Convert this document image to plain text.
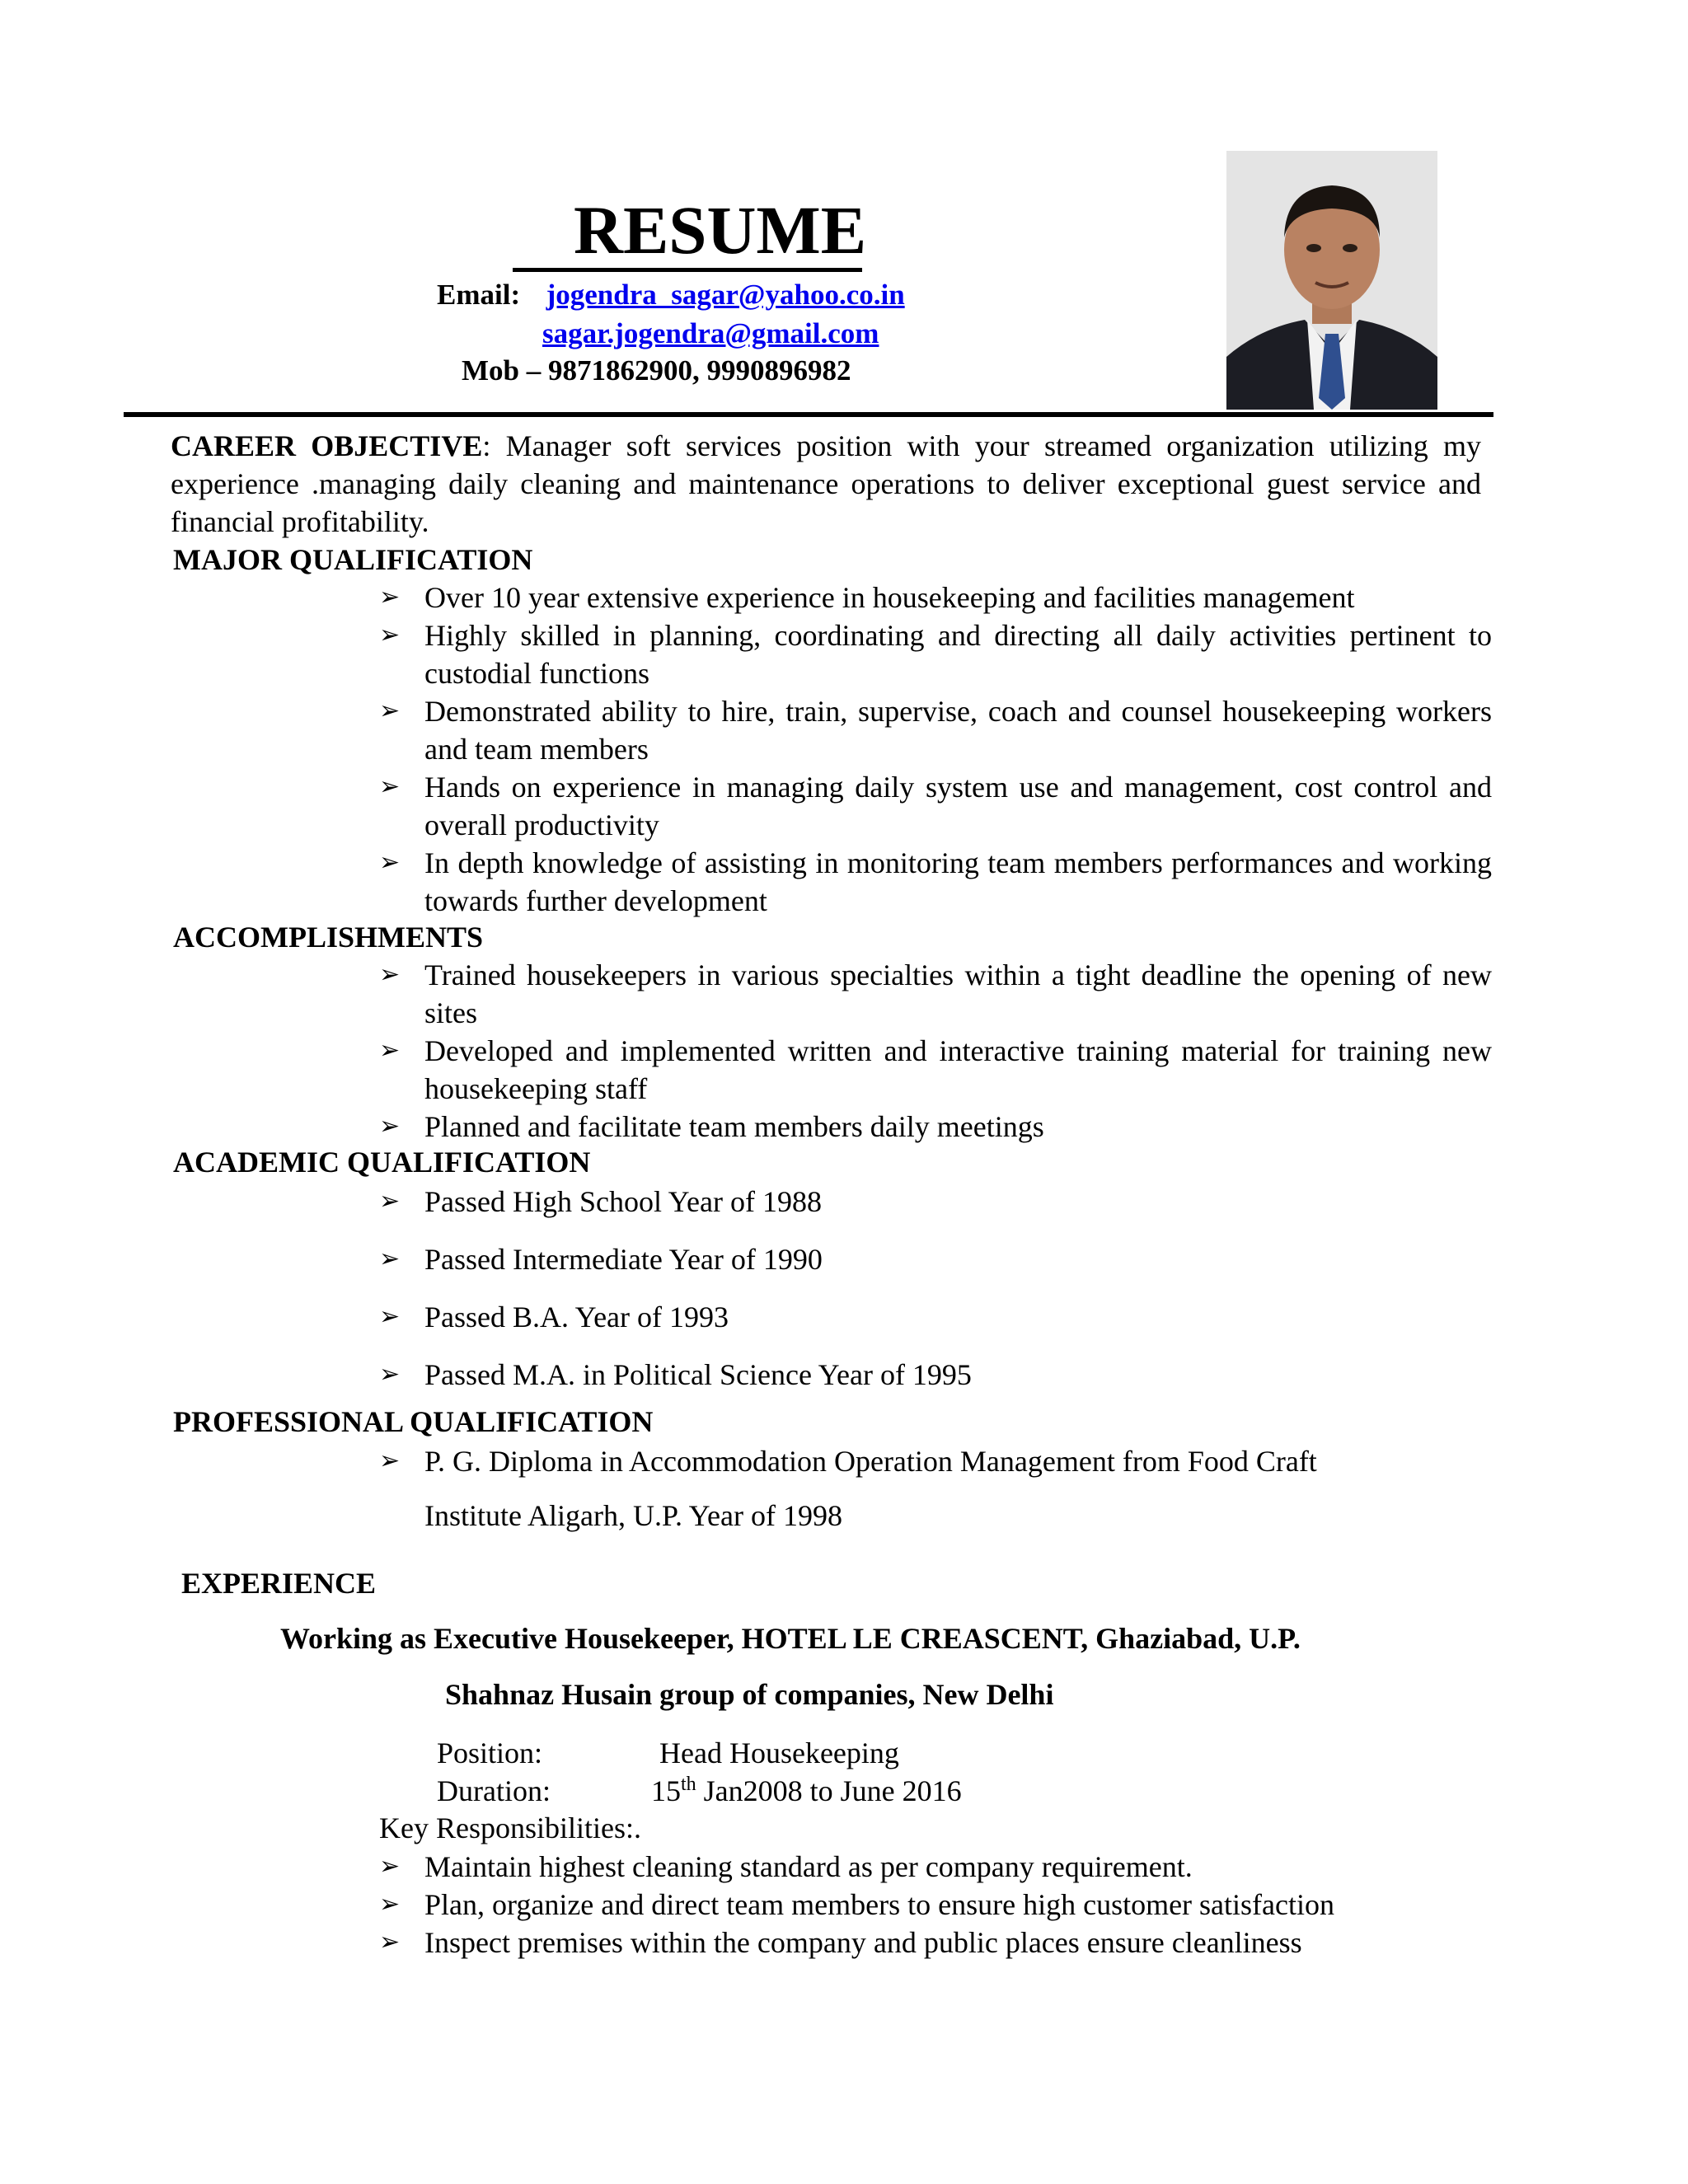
RESUME
Email: jogendra_sagar@yahoo.co.in
sagar.jogendra@gmail.com
Mob – 9871862900, 9990896982
CAREER OBJECTIVE: Manager soft services position with your streamed organization utilizing my experience .managing daily cleaning and maintenance operations to deliver exceptional guest service and financial profitability.
MAJOR QUALIFICATION
➢ Over 10 year extensive experience in housekeeping and facilities management
➢ Highly skilled in planning, coordinating and directing all daily activities pertinent to custodial functions
➢ Demonstrated ability to hire, train, supervise, coach and counsel housekeeping workers and team members
➢ Hands on experience in managing daily system use and management, cost control and overall productivity
➢ In depth knowledge of assisting in monitoring team members performances and working towards further development
ACCOMPLISHMENTS
➢ Trained housekeepers in various specialties within a tight deadline the opening of new sites
➢ Developed and implemented written and interactive training material for training new housekeeping staff
➢ Planned and facilitate team members daily meetings
ACADEMIC QUALIFICATION
➢ Passed High School Year of 1988
➢ Passed Intermediate Year of 1990
➢ Passed B.A. Year of 1993
➢ Passed M.A. in Political Science Year of 1995
PROFESSIONAL QUALIFICATION
➢ P. G. Diploma in Accommodation Operation Management from Food Craft
Institute Aligarh, U.P. Year of 1998
EXPERIENCE
Working as Executive Housekeeper, HOTEL LE CREASCENT, Ghaziabad, U.P.
Shahnaz Husain group of companies, New Delhi
Position:	Head Housekeeping
Duration:	15th Jan2008 to June 2016
Key Responsibilities:.
➢ Maintain highest cleaning standard as per company requirement.
➢ Plan, organize and direct team members to ensure high customer satisfaction
➢ Inspect premises within the company and public places ensure cleanliness
